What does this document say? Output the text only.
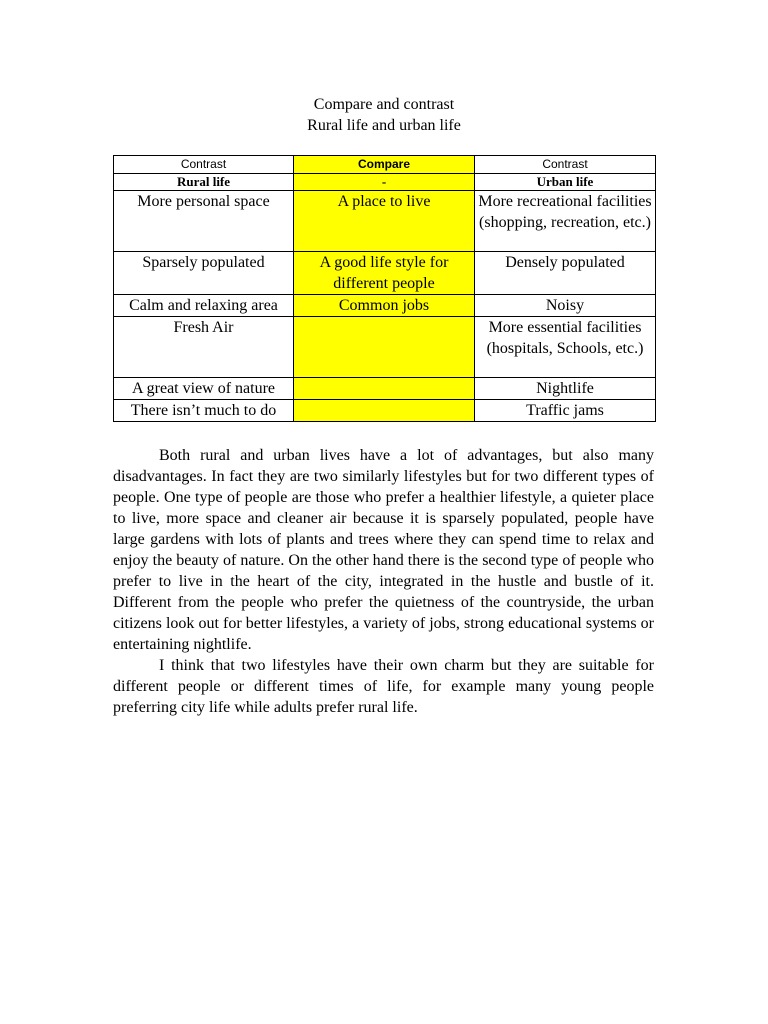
Compare and contrast
Rural life and urban life
Contrast	Compare	Contrast
Rural life	-	Urban life
More personal space	A place to live	More recreational facilities (shopping, recreation, etc.)
Sparsely populated	A good life style for different people	Densely populated
Calm and relaxing area	Common jobs	Noisy
Fresh Air		More essential facilities (hospitals, Schools, etc.)
A great view of nature		Nightlife
There isn’t much to do		Traffic jams

Both rural and urban lives have a lot of advantages, but also many disadvantages. In fact they are two similarly lifestyles but for two different types of people. One type of people are those who prefer a healthier lifestyle, a quieter place to live, more space and cleaner air because it is sparsely populated, people have large gardens with lots of plants and trees where they can spend time to relax and enjoy the beauty of nature. On the other hand there is the second type of people who prefer to live in the heart of the city, integrated in the hustle and bustle of it. Different from the people who prefer the quietness of the countryside, the urban citizens look out for better lifestyles, a variety of jobs, strong educational systems or entertaining nightlife.

I think that two lifestyles have their own charm but they are suitable for different people or different times of life, for example many young people preferring city life while adults prefer rural life.
